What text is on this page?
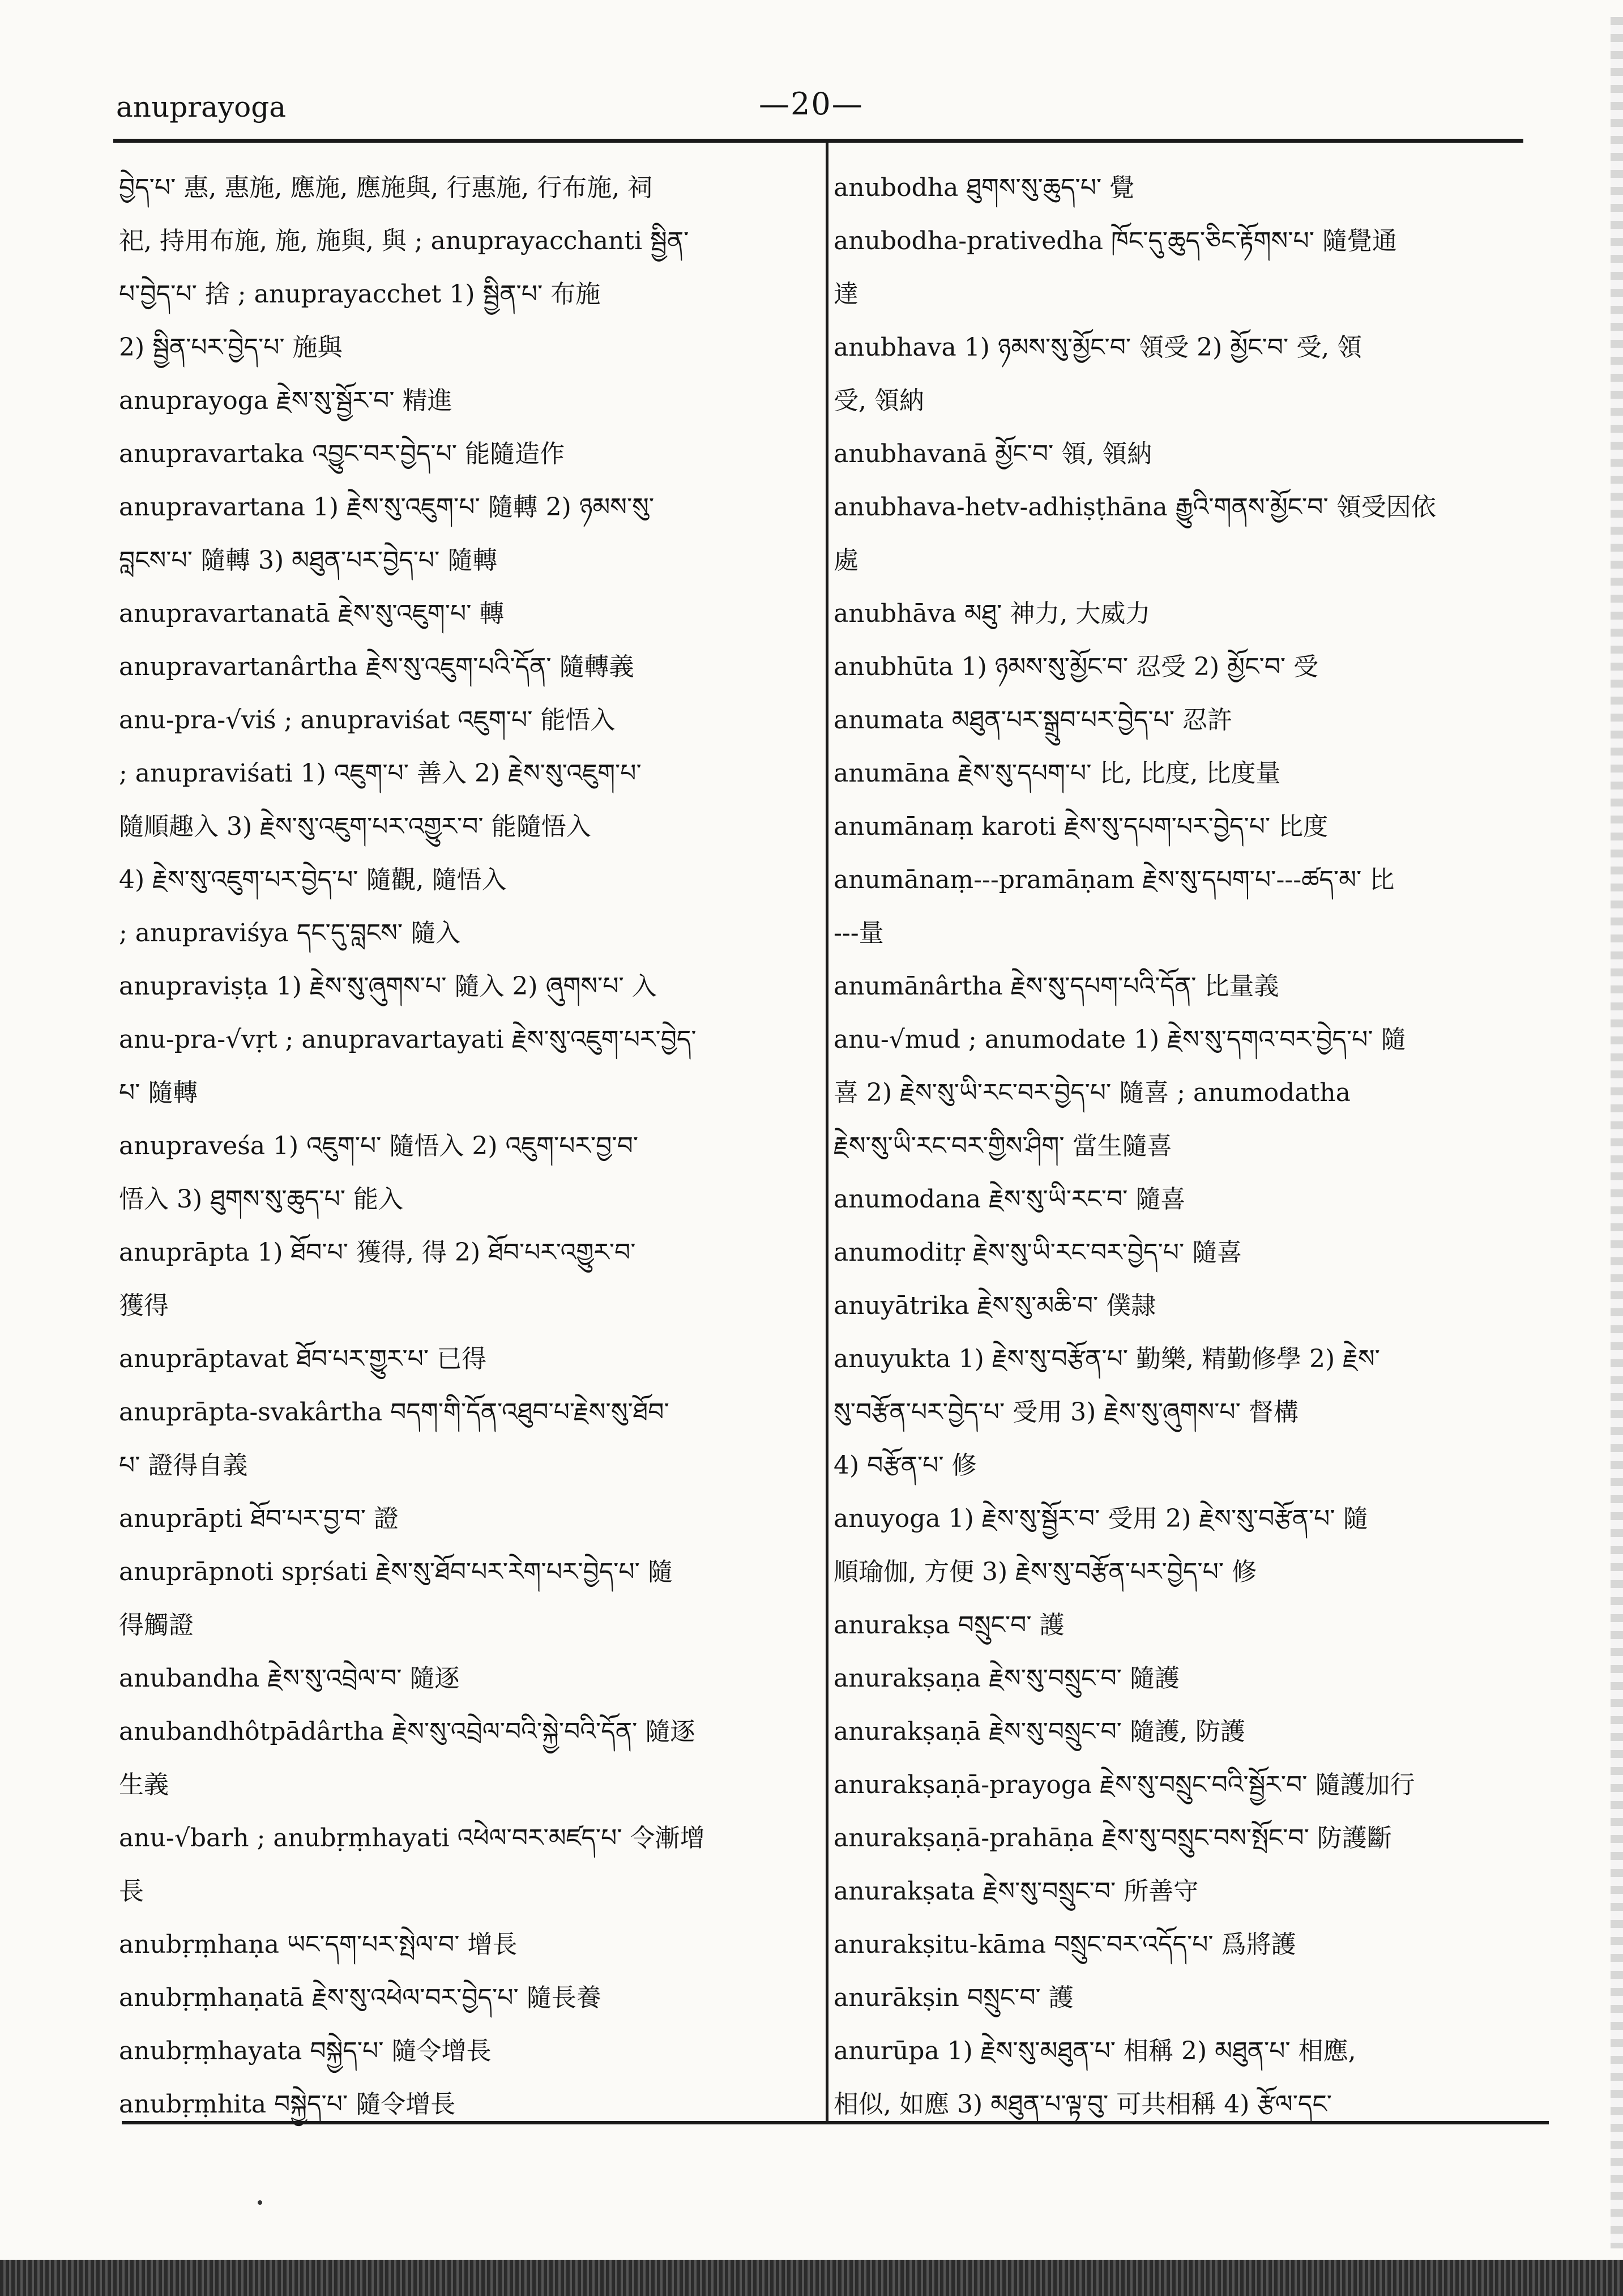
anuprayoga	—20—
བྱེད་པ་ 惠, 惠施, 應施, 應施與, 行惠施, 行布施, 祠
祀, 持用布施, 施, 施與, 與 ; anuprayacchanti སྦྱིན་
པ་བྱེད་པ་ 捨 ; anuprayacchet 1) སྦྱིན་པ་ 布施
2) སྦྱིན་པར་བྱེད་པ་ 施與
anuprayoga རྗེས་སུ་སྦྱོར་བ་ 精進
anupravartaka འབྱུང་བར་བྱེད་པ་ 能隨造作
anupravartana 1) རྗེས་སུ་འཇུག་པ་ 隨轉 2) ཉམས་སུ་
བླངས་པ་ 隨轉 3) མཐུན་པར་བྱེད་པ་ 隨轉
anupravartanatā རྗེས་སུ་འཇུག་པ་ 轉
anupravartanârtha རྗེས་སུ་འཇུག་པའི་དོན་ 隨轉義
anu-pra-√viś ; anupraviśat འཇུག་པ་ 能悟入
; anupraviśati 1) འཇུག་པ་ 善入 2) རྗེས་སུ་འཇུག་པ་
隨順趣入 3) རྗེས་སུ་འཇུག་པར་འགྱུར་བ་ 能隨悟入
4) རྗེས་སུ་འཇུག་པར་བྱེད་པ་ 隨觀, 隨悟入
; anupraviśya དང་དུ་བླངས་ 隨入
anupraviṣṭa 1) རྗེས་སུ་ཞུགས་པ་ 隨入 2) ཞུགས་པ་ 入
anu-pra-√vṛt ; anupravartayati རྗེས་སུ་འཇུག་པར་བྱེད་
པ་ 隨轉
anupraveśa 1) འཇུག་པ་ 隨悟入 2) འཇུག་པར་བྱ་བ་
悟入 3) ཐུགས་སུ་ཆུད་པ་ 能入
anuprāpta 1) ཐོབ་པ་ 獲得, 得 2) ཐོབ་པར་འགྱུར་བ་
獲得
anuprāptavat ཐོབ་པར་གྱུར་པ་ 已得
anuprāpta-svakârtha བདག་གི་དོན་འཐུབ་པ་རྗེས་སུ་ཐོབ་
པ་ 證得自義
anuprāpti ཐོབ་པར་བྱ་བ་ 證
anuprāpnoti spṛśati རྗེས་སུ་ཐོབ་པར་རེག་པར་བྱེད་པ་ 隨
得觸證
anubandha རྗེས་སུ་འབྲེལ་བ་ 隨逐
anubandhôtpādârtha རྗེས་སུ་འབྲེལ་བའི་སྐྱེ་བའི་དོན་ 隨逐
生義
anu-√barh ; anubṛṃhayati འཕེལ་བར་མཛད་པ་ 令漸增
長
anubṛṃhaṇa ཡང་དག་པར་སྤེལ་བ་ 增長
anubṛṃhaṇatā རྗེས་སུ་འཕེལ་བར་བྱེད་པ་ 隨長養
anubṛṃhayata བསྐྱེད་པ་ 隨令增長
anubṛṃhita བསྐྱེད་པ་ 隨令增長
anubodha ཐུགས་སུ་ཆུད་པ་ 覺
anubodha-prativedha ཁོང་དུ་ཆུད་ཅིང་རྟོགས་པ་ 隨覺通
達
anubhava 1) ཉམས་སུ་མྱོང་བ་ 領受 2) མྱོང་བ་ 受, 領
受, 領納
anubhavanā མྱོང་བ་ 領, 領納
anubhava-hetv-adhiṣṭhāna རྒྱུའི་གནས་མྱོང་བ་ 領受因依
處
anubhāva མཐུ་ 神力, 大威力
anubhūta 1) ཉམས་སུ་མྱོང་བ་ 忍受 2) མྱོང་བ་ 受
anumata མཐུན་པར་སྒྲུབ་པར་བྱེད་པ་ 忍許
anumāna རྗེས་སུ་དཔག་པ་ 比, 比度, 比度量
anumānaṃ karoti རྗེས་སུ་དཔག་པར་བྱེད་པ་ 比度
anumānaṃ---pramāṇam རྗེས་སུ་དཔག་པ་---ཚད་མ་ 比
---量
anumānârtha རྗེས་སུ་དཔག་པའི་དོན་ 比量義
anu-√mud ; anumodate 1) རྗེས་སུ་དགའ་བར་བྱེད་པ་ 隨
喜 2) རྗེས་སུ་ཡི་རང་བར་བྱེད་པ་ 隨喜 ; anumodatha
རྗེས་སུ་ཡི་རང་བར་གྱིས་ཤིག་ 當生隨喜
anumodana རྗེས་སུ་ཡི་རང་བ་ 隨喜
anumoditṛ རྗེས་སུ་ཡི་རང་བར་བྱེད་པ་ 隨喜
anuyātrika རྗེས་སུ་མཆི་བ་ 僕隷
anuyukta 1) རྗེས་སུ་བརྩོན་པ་ 勤樂, 精勤修學 2) རྗེས་
སུ་བརྩོན་པར་བྱེད་པ་ 受用 3) རྗེས་སུ་ཞུགས་པ་ 督構
4) བརྩོན་པ་ 修
anuyoga 1) རྗེས་སུ་སྦྱོར་བ་ 受用 2) རྗེས་སུ་བརྩོན་པ་ 隨
順瑜伽, 方便 3) རྗེས་སུ་བརྩོན་པར་བྱེད་པ་ 修
anurakṣa བསྲུང་བ་ 護
anurakṣaṇa རྗེས་སུ་བསྲུང་བ་ 隨護
anurakṣaṇā རྗེས་སུ་བསྲུང་བ་ 隨護, 防護
anurakṣaṇā-prayoga རྗེས་སུ་བསྲུང་བའི་སྦྱོར་བ་ 隨護加行
anurakṣaṇā-prahāṇa རྗེས་སུ་བསྲུང་བས་སྤོང་བ་ 防護斷
anurakṣata རྗེས་སུ་བསྲུང་བ་ 所善守
anurakṣitu-kāma བསྲུང་བར་འདོད་པ་ 爲將護
anurākṣin བསྲུང་བ་ 護
anurūpa 1) རྗེས་སུ་མཐུན་པ་ 相稱 2) མཐུན་པ་ 相應,
相似, 如應 3) མཐུན་པ་ལྟ་བུ་ 可共相稱 4) རྩོལ་དང་
